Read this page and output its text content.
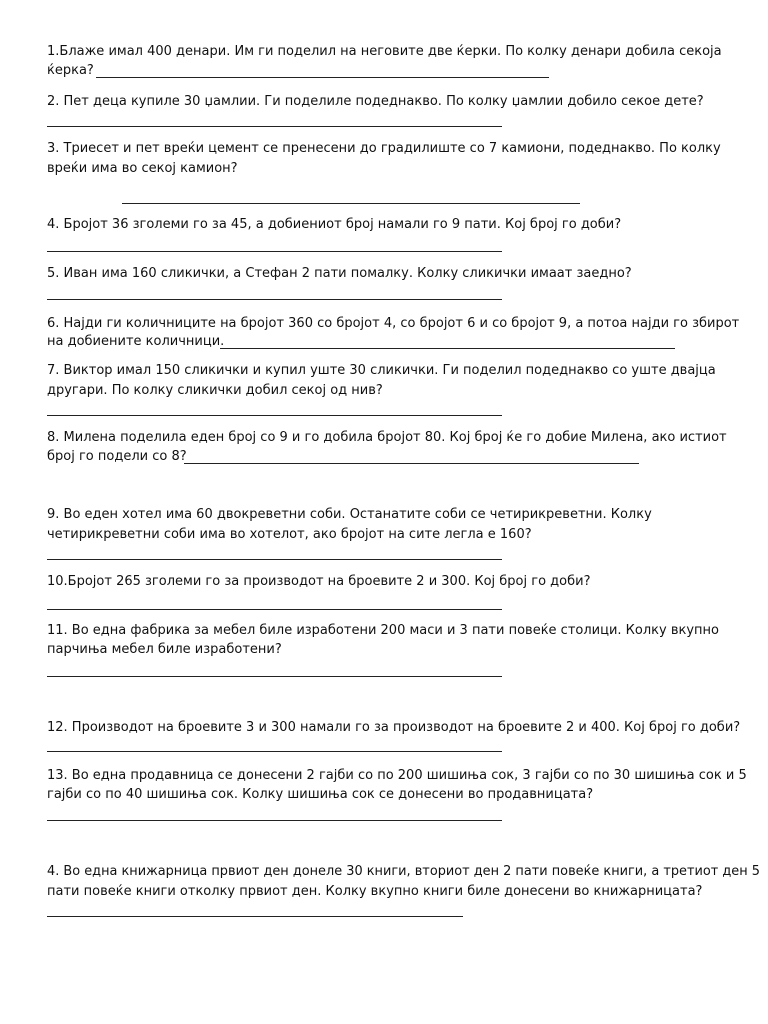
1.Блаже имал 400 денари. Им ги поделил на неговите две ќерки. По колку денари добила секоја
ќерка?
2. Пет деца купиле 30 џамлии. Ги поделиле подеднакво. По колку џамлии добило секое дете?
3. Триесет и пет вреќи цемент се пренесени до градилиште со 7 камиони, подеднакво. По колку
вреќи има во секој камион?
4. Бројот 36 зголеми го за 45, а добиениот број намали го 9 пати. Кој број го доби?
5. Иван има 160 сликички, а Стефан 2 пати помалку. Колку сликички имаат заедно?
6. Најди ги количниците на бројот 360 со бројот 4, со бројот 6 и со бројот 9, а потоа најди го збирот
на добиените количници.
7. Виктор имал 150 сликички и купил уште 30 сликички. Ги поделил подеднакво со уште двајца
другари. По колку сликички добил секој од нив?
8. Милена поделила еден број со 9 и го добила бројот 80. Кој број ќе го добие Милена, ако истиот
број го подели со 8?
9. Во еден хотел има 60 двокреветни соби. Останатите соби се четирикреветни. Колку
четирикреветни соби има во хотелот, ако бројот на сите легла е 160?
10.Бројот 265 зголеми го за производот на броевите 2 и 300. Кој број го доби?
11. Во една фабрика за мебел биле изработени 200 маси и 3 пати повеќе столици. Колку вкупно
парчиња мебел биле изработени?
12. Производот на броевите 3 и 300 намали го за производот на броевите 2 и 400. Кој број го доби?
13. Во една продавница се донесени 2 гајби со по 200 шишиња сок, 3 гајби со по 30 шишиња сок и 5
гајби со по 40 шишиња сок. Колку шишиња сок се донесени во продавницата?
4. Во една книжарница првиот ден донеле 30 книги, вториот ден 2 пати повеќе книги, а третиот ден 5
пати повеќе книги отколку првиот ден. Колку вкупно книги биле донесени во книжарницата?
